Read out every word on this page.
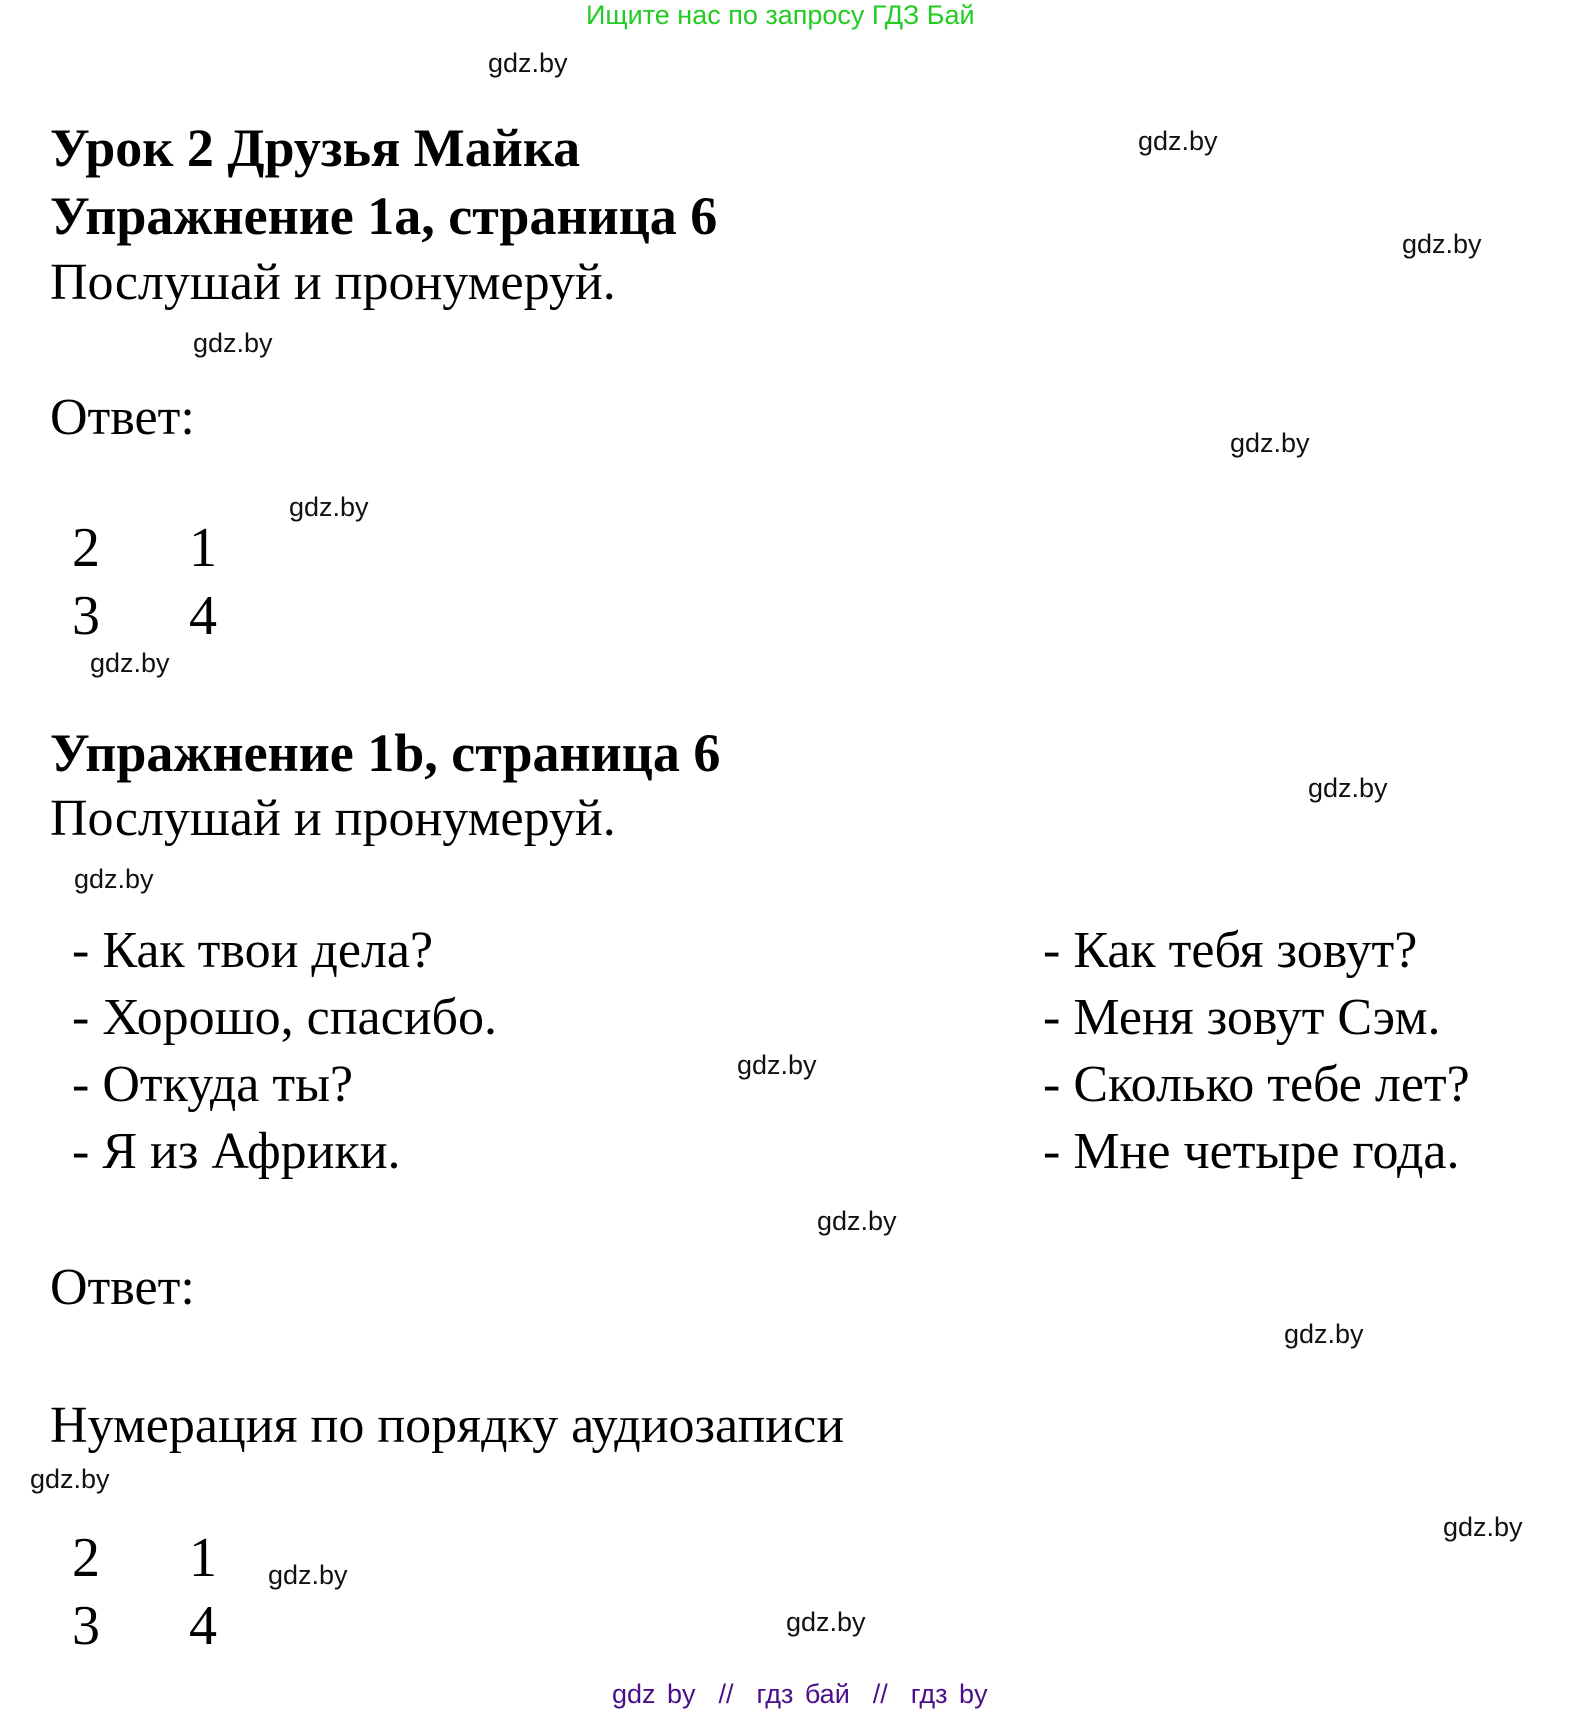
Ищите нас по запросу ГДЗ Бай
gdz.by
gdz.by
gdz.by
gdz.by
gdz.by
gdz.by
gdz.by
gdz.by
gdz.by
gdz.by
gdz.by
gdz.by
gdz.by
gdz.by
gdz.by
gdz.by
Урок 2 Друзья Майка
Упражнение 1a, страница 6
Послушай и пронумеруй.
Ответ:
2 1
3 4
Упражнение 1b, страница 6
Послушай и пронумеруй.
- Как твои дела?
- Хорошо, спасибо.
- Откуда ты?
- Я из Африки.
- Как тебя зовут?
- Меня зовут Сэм.
- Сколько тебе лет?
- Мне четыре года.
Ответ:
Нумерация по порядку аудиозаписи
2 1
3 4
gdz by  //  гдз бай  //  гдз by
